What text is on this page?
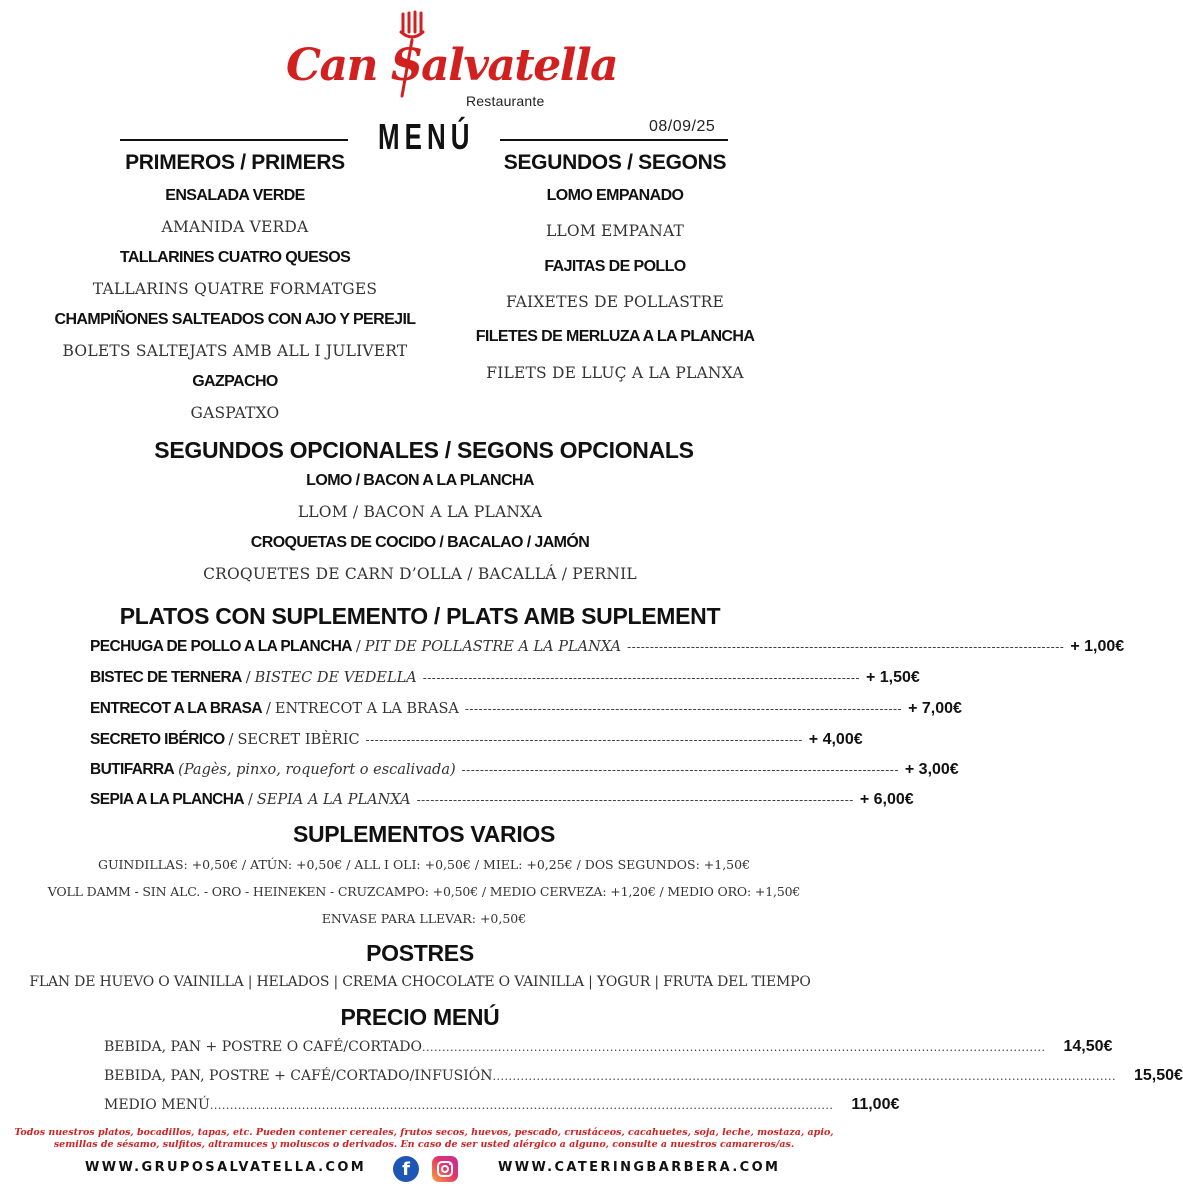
Can Salvatella
Restaurante
MENÚ	08/09/25
PRIMEROS / PRIMERS
ENSALADA VERDE
AMANIDA VERDA
TALLARINES CUATRO QUESOS
TALLARINS QUATRE FORMATGES
CHAMPIÑONES SALTEADOS CON AJO Y PEREJIL
BOLETS SALTEJATS AMB ALL I JULIVERT
GAZPACHO
GASPATXO
SEGUNDOS / SEGONS
LOMO EMPANADO
LLOM EMPANAT
FAJITAS DE POLLO
FAIXETES DE POLLASTRE
FILETES DE MERLUZA A LA PLANCHA
FILETS DE LLUÇ A LA PLANXA
SEGUNDOS OPCIONALES / SEGONS OPCIONALS
LOMO / BACON A LA PLANCHA
LLOM / BACON A LA PLANXA
CROQUETAS DE COCIDO / BACALAO / JAMÓN
CROQUETES DE CARN D’OLLA / BACALLÁ / PERNIL
PLATOS CON SUPLEMENTO / PLATS AMB SUPLEMENT
PECHUGA DE POLLO A LA PLANCHA / PIT DE POLLASTRE A LA PLANXA ------------------------------------------------------------------------------------------------ + 1,00€
BISTEC DE TERNERA / BISTEC DE VEDELLA ------------------------------------------------------------------------------------------------ + 1,50€
ENTRECOT A LA BRASA / ENTRECOT A LA BRASA ------------------------------------------------------------------------------------------------ + 7,00€
SECRETO IBÉRICO / SECRET IBÈRIC ------------------------------------------------------------------------------------------------ + 4,00€
BUTIFARRA (Pagès, pinxo, roquefort o escalivada) ------------------------------------------------------------------------------------------------ + 3,00€
SEPIA A LA PLANCHA / SEPIA A LA PLANXA ------------------------------------------------------------------------------------------------ + 6,00€
SUPLEMENTOS VARIOS
GUINDILLAS: +0,50€ / ATÚN: +0,50€ / ALL I OLI: +0,50€ / MIEL: +0,25€ / DOS SEGUNDOS: +1,50€
VOLL DAMM - SIN ALC. - ORO - HEINEKEN - CRUZCAMPO: +0,50€ / MEDIO CERVEZA: +1,20€ / MEDIO ORO: +1,50€
ENVASE PARA LLEVAR: +0,50€
POSTRES
FLAN DE HUEVO O VAINILLA | HELADOS | CREMA CHOCOLATE O VAINILLA | YOGUR | FRUTA DEL TIEMPO
PRECIO MENÚ
BEBIDA, PAN + POSTRE O CAFÉ/CORTADO ............................................................................................................................................................ 14,50€
BEBIDA, PAN, POSTRE + CAFÉ/CORTADO/INFUSIÓN ............................................................................................................................................................ 15,50€
MEDIO MENÚ ............................................................................................................................................................ 11,00€
Todos nuestros platos, bocadillos, tapas, etc. Pueden contener cereales, frutos secos, huevos, pescado, crustáceos, cacahuetes, soja, leche, mostaza, apio, semillas de sésamo, sulfitos, altramuces y moluscos o derivados. En caso de ser usted alérgico a alguno, consulte a nuestros camareros/as.
WWW.GRUPOSALVATELLA.COM	f	WWW.CATERINGBARBERA.COM
